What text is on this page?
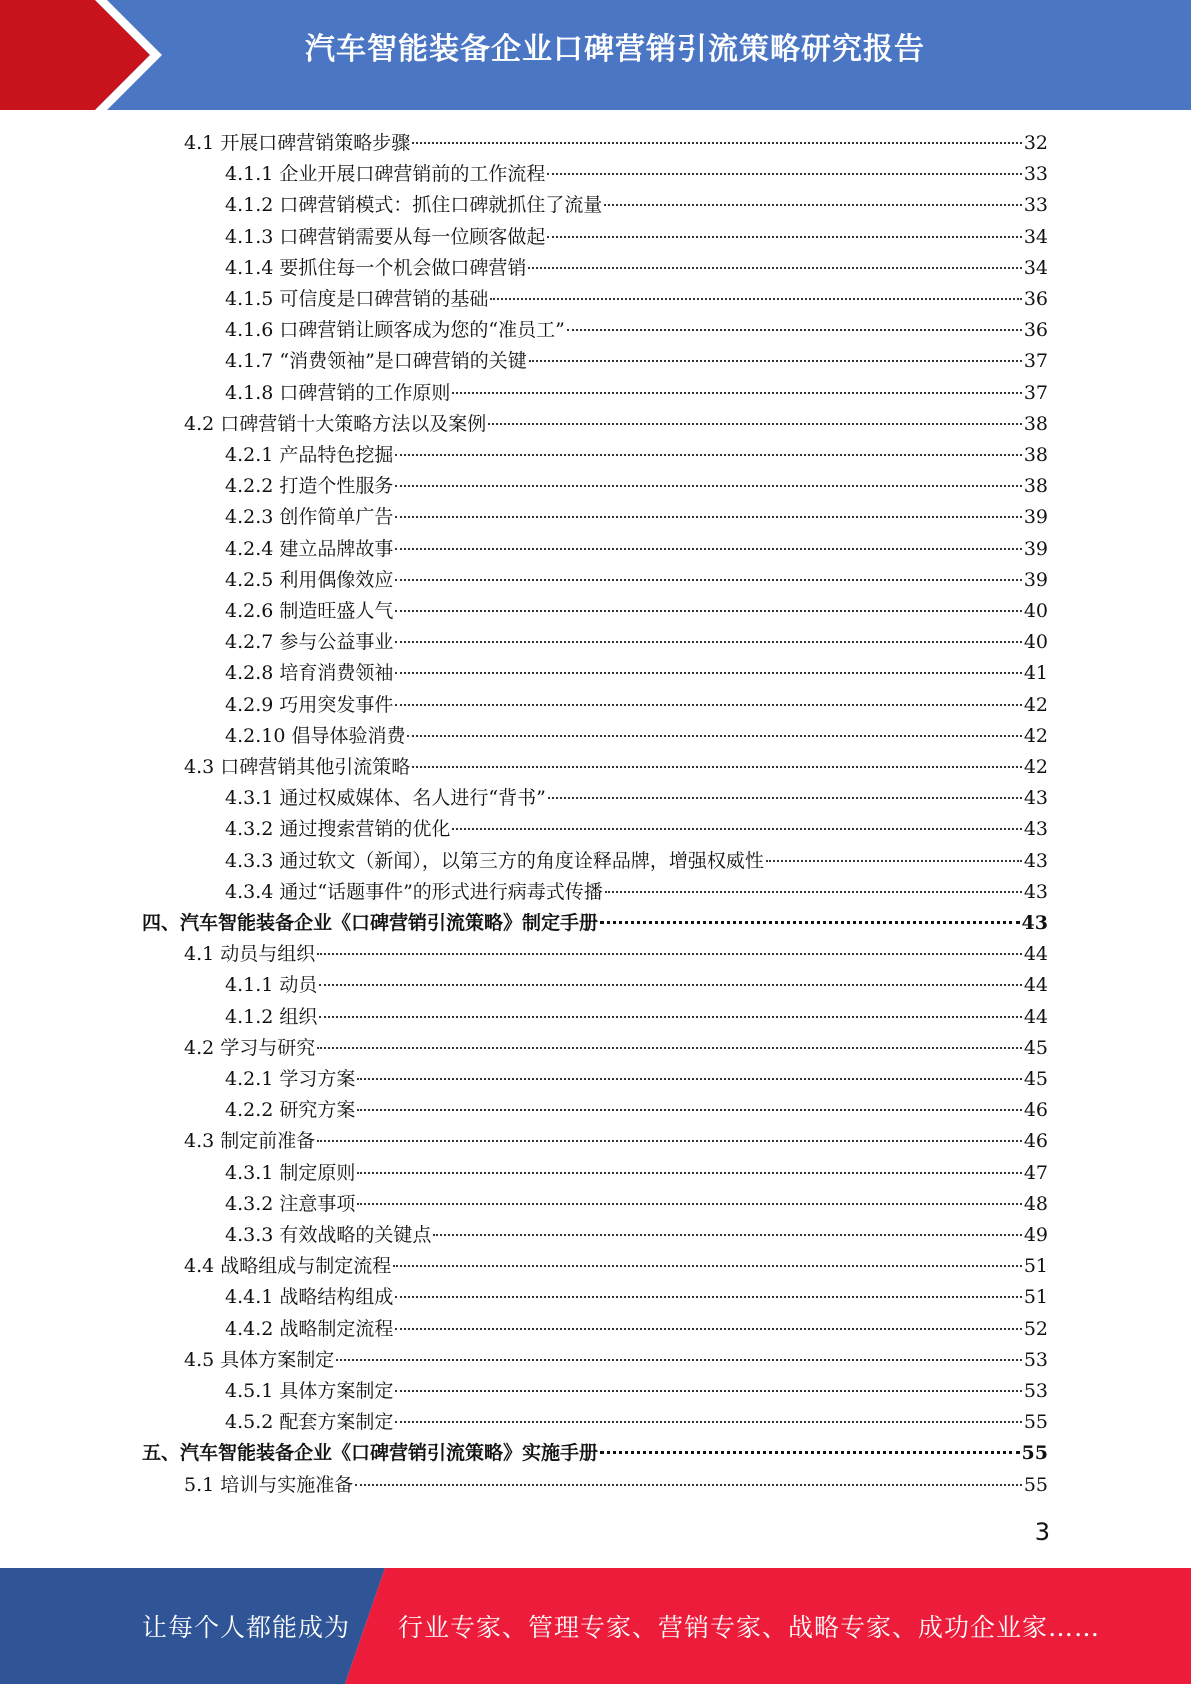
汽车智能装备企业口碑营销引流策略研究报告
4.1 开展口碑营销策略步骤	32
4.1.1 企业开展口碑营销前的工作流程	33
4.1.2 口碑营销模式：抓住口碑就抓住了流量	33
4.1.3 口碑营销需要从每一位顾客做起	34
4.1.4 要抓住每一个机会做口碑营销	34
4.1.5 可信度是口碑营销的基础	36
4.1.6 口碑营销让顾客成为您的“准员工”	36
4.1.7 “消费领袖”是口碑营销的关键	37
4.1.8 口碑营销的工作原则	37
4.2 口碑营销十大策略方法以及案例	38
4.2.1 产品特色挖掘	38
4.2.2 打造个性服务	38
4.2.3 创作简单广告	39
4.2.4 建立品牌故事	39
4.2.5 利用偶像效应	39
4.2.6 制造旺盛人气	40
4.2.7 参与公益事业	40
4.2.8 培育消费领袖	41
4.2.9 巧用突发事件	42
4.2.10 倡导体验消费	42
4.3 口碑营销其他引流策略	42
4.3.1 通过权威媒体、名人进行“背书”	43
4.3.2 通过搜索营销的优化	43
4.3.3 通过软文（新闻），以第三方的角度诠释品牌，增强权威性	43
4.3.4 通过“话题事件”的形式进行病毒式传播	43
四、汽车智能装备企业《口碑营销引流策略》制定手册	43
4.1 动员与组织	44
4.1.1 动员	44
4.1.2 组织	44
4.2 学习与研究	45
4.2.1 学习方案	45
4.2.2 研究方案	46
4.3 制定前准备	46
4.3.1 制定原则	47
4.3.2 注意事项	48
4.3.3 有效战略的关键点	49
4.4 战略组成与制定流程	51
4.4.1 战略结构组成	51
4.4.2 战略制定流程	52
4.5 具体方案制定	53
4.5.1 具体方案制定	53
4.5.2 配套方案制定	55
五、汽车智能装备企业《口碑营销引流策略》实施手册	55
5.1 培训与实施准备	55
3
让每个人都能成为 行业专家、管理专家、营销专家、战略专家、成功企业家……
